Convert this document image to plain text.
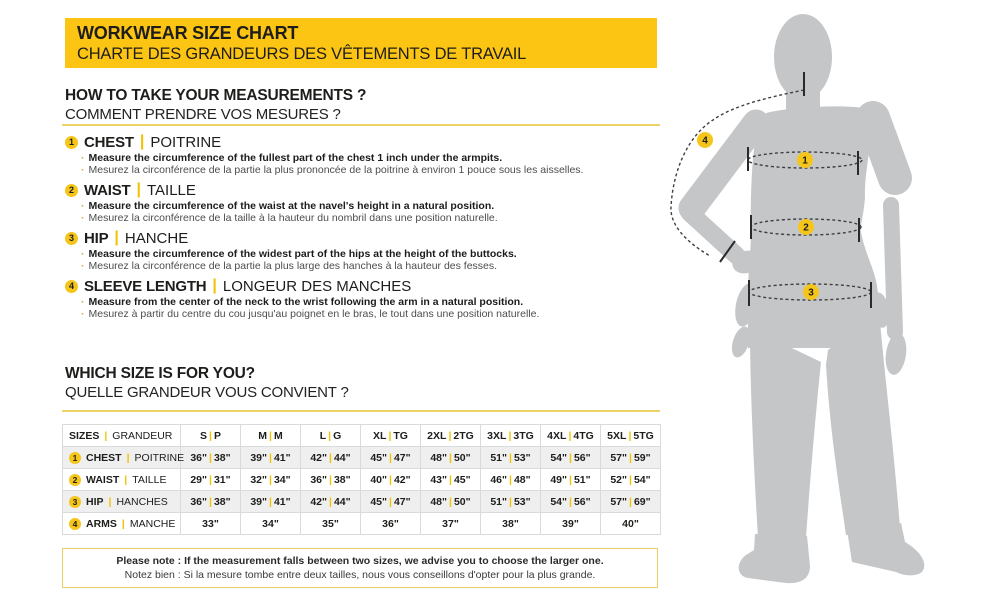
WORKWEAR SIZE CHART
CHARTE DES GRANDEURS DES VÊTEMENTS DE TRAVAIL
HOW TO TAKE YOUR MEASUREMENTS ?
COMMENT PRENDRE VOS MESURES ?
1 CHEST | POITRINE
· Measure the circumference of the fullest part of the chest 1 inch under the armpits.
· Mesurez la circonférence de la partie la plus prononcée de la poitrine à environ 1 pouce sous les aisselles.
2 WAIST | TAILLE
· Measure the circumference of the waist at the navel's height in a natural position.
· Mesurez la circonférence de la taille à la hauteur du nombril dans une position naturelle.
3 HIP | HANCHE
· Measure the circumference of the widest part of the hips at the height of the buttocks.
· Mesurez la circonférence de la partie la plus large des hanches à la hauteur des fesses.
4 SLEEVE LENGTH | LONGEUR DES MANCHES
· Measure from the center of the neck to the wrist following the arm in a natural position.
· Mesurez à partir du centre du cou jusqu'au poignet en le bras, le tout dans une position naturelle.
WHICH SIZE IS FOR YOU?
QUELLE GRANDEUR VOUS CONVIENT ?
SIZES | GRANDEUR	S | P	M | M	L | G	XL | TG	2XL | 2TG	3XL | 3TG	4XL | 4TG	5XL | 5TG

1 CHEST | POITRINE	36" | 38"	39" | 41"	42" | 44"	45" | 47"	48" | 50"	51" | 53"	54" | 56"	57" | 59"

2 WAIST | TAILLE	29" | 31"	32" | 34"	36" | 38"	40" | 42"	43" | 45"	46" | 48"	49" | 51"	52" | 54"

3 HIP | HANCHES	36" | 38"	39" | 41"	42" | 44"	45" | 47"	48" | 50"	51" | 53"	54" | 56"	57" | 69"

4 ARMS | MANCHE	33"	34"	35"	36"	37"	38"	39"	40"
Please note : If the measurement falls between two sizes, we advise you to choose the larger one.
Notez bien : Si la mesure tombe entre deux tailles, nous vous conseillons d'opter pour la plus grande.
1
2
3
4
